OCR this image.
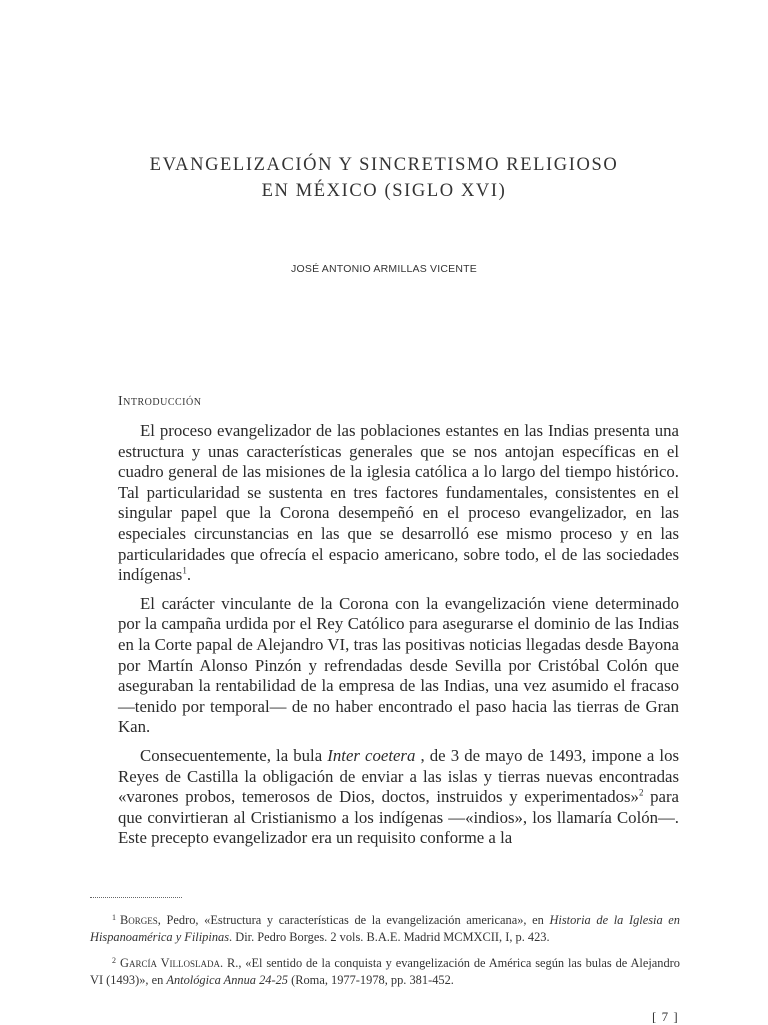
EVANGELIZACIÓN Y SINCRETISMO RELIGIOSO
EN MÉXICO (SIGLO XVI)
JOSÉ ANTONIO ARMILLAS VICENTE
Introducción

El proceso evangelizador de las poblaciones estantes en las Indias presenta una estructura y unas características generales que se nos antojan específicas en el cuadro general de las misiones de la iglesia católica a lo largo del tiempo histórico. Tal particularidad se sustenta en tres factores fundamentales, consistentes en el singular papel que la Corona desempeñó en el proceso evangelizador, en las especiales circunstancias en las que se desarrolló ese mismo proceso y en las particularidades que ofrecía el espacio americano, sobre todo, el de las sociedades indígenas$^1$.

El carácter vinculante de la Corona con la evangelización viene determinado por la campaña urdida por el Rey Católico para asegurarse el dominio de las Indias en la Corte papal de Alejandro VI, tras las positivas noticias llegadas desde Bayona por Martín Alonso Pinzón y refrendadas desde Sevilla por Cristóbal Colón que aseguraban la rentabilidad de la empresa de las Indias, una vez asumido el fracaso —tenido por temporal— de no haber encontrado el paso hacia las tierras de Gran Kan.

Consecuentemente, la bula Inter coetera , de 3 de mayo de 1493, impone a los Reyes de Castilla la obligación de enviar a las islas y tierras nuevas encontradas «varones probos, temerosos de Dios, doctos, instruidos y experimentados»$^2$ para que convirtieran al Cristianismo a los indígenas —«indios», los llamaría Colón—. Este precepto evangelizador era un requisito conforme a la

1 Borges, Pedro, «Estructura y características de la evangelización americana», en Historia de la Iglesia en Hispanoamérica y Filipinas. Dir. Pedro Borges. 2 vols. B.A.E. Madrid MCMXCII, I, p. 423.
2 García Villoslada. R., «El sentido de la conquista y evangelización de América según las bulas de Alejandro VI (1493)», en Antológica Annua 24-25 (Roma, 1977-1978, pp. 381-452.
[ 7 ]
